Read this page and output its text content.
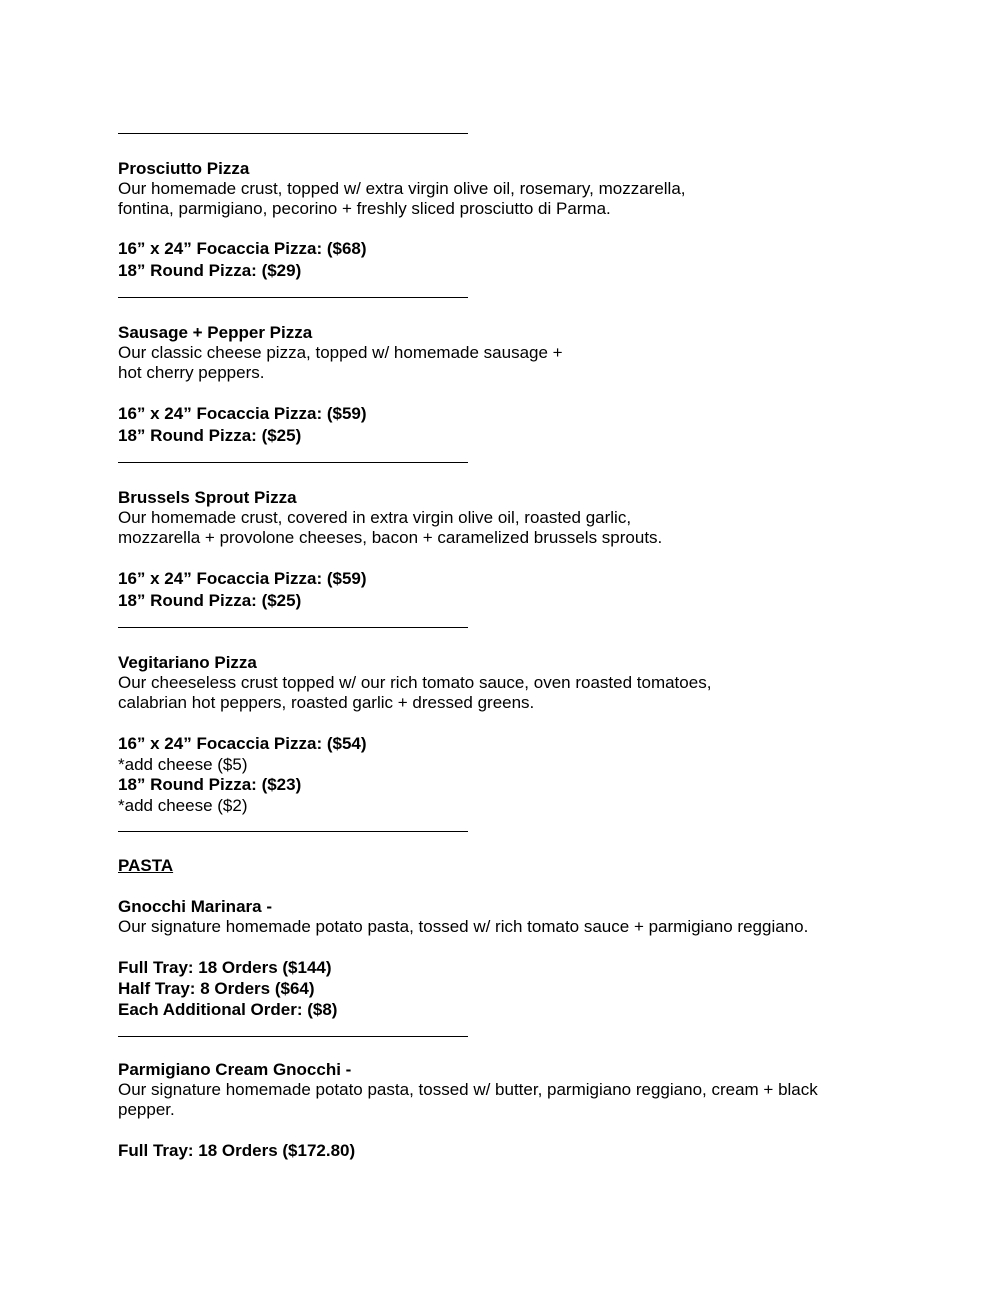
Prosciutto Pizza
Our homemade crust, topped w/ extra virgin olive oil, rosemary, mozzarella,
fontina, parmigiano, pecorino + freshly sliced prosciutto di Parma.
16” x 24” Focaccia Pizza: ($68)
18” Round Pizza: ($29)
Sausage + Pepper Pizza
Our classic cheese pizza, topped w/ homemade sausage +
hot cherry peppers.
16” x 24” Focaccia Pizza: ($59)
18” Round Pizza: ($25)
Brussels Sprout Pizza
Our homemade crust, covered in extra virgin olive oil, roasted garlic,
mozzarella + provolone cheeses, bacon + caramelized brussels sprouts.
16” x 24” Focaccia Pizza: ($59)
18” Round Pizza: ($25)
Vegitariano Pizza
Our cheeseless crust topped w/ our rich tomato sauce, oven roasted tomatoes,
calabrian hot peppers, roasted garlic + dressed greens.
16” x 24” Focaccia Pizza: ($54)
*add cheese ($5)
18” Round Pizza: ($23)
*add cheese ($2)
PASTA
Gnocchi Marinara -
Our signature homemade potato pasta, tossed w/ rich tomato sauce + parmigiano reggiano.
Full Tray: 18 Orders ($144)
Half Tray: 8 Orders ($64)
Each Additional Order: ($8)
Parmigiano Cream Gnocchi -
Our signature homemade potato pasta, tossed w/ butter, parmigiano reggiano, cream + black
pepper.
Full Tray: 18 Orders ($172.80)
